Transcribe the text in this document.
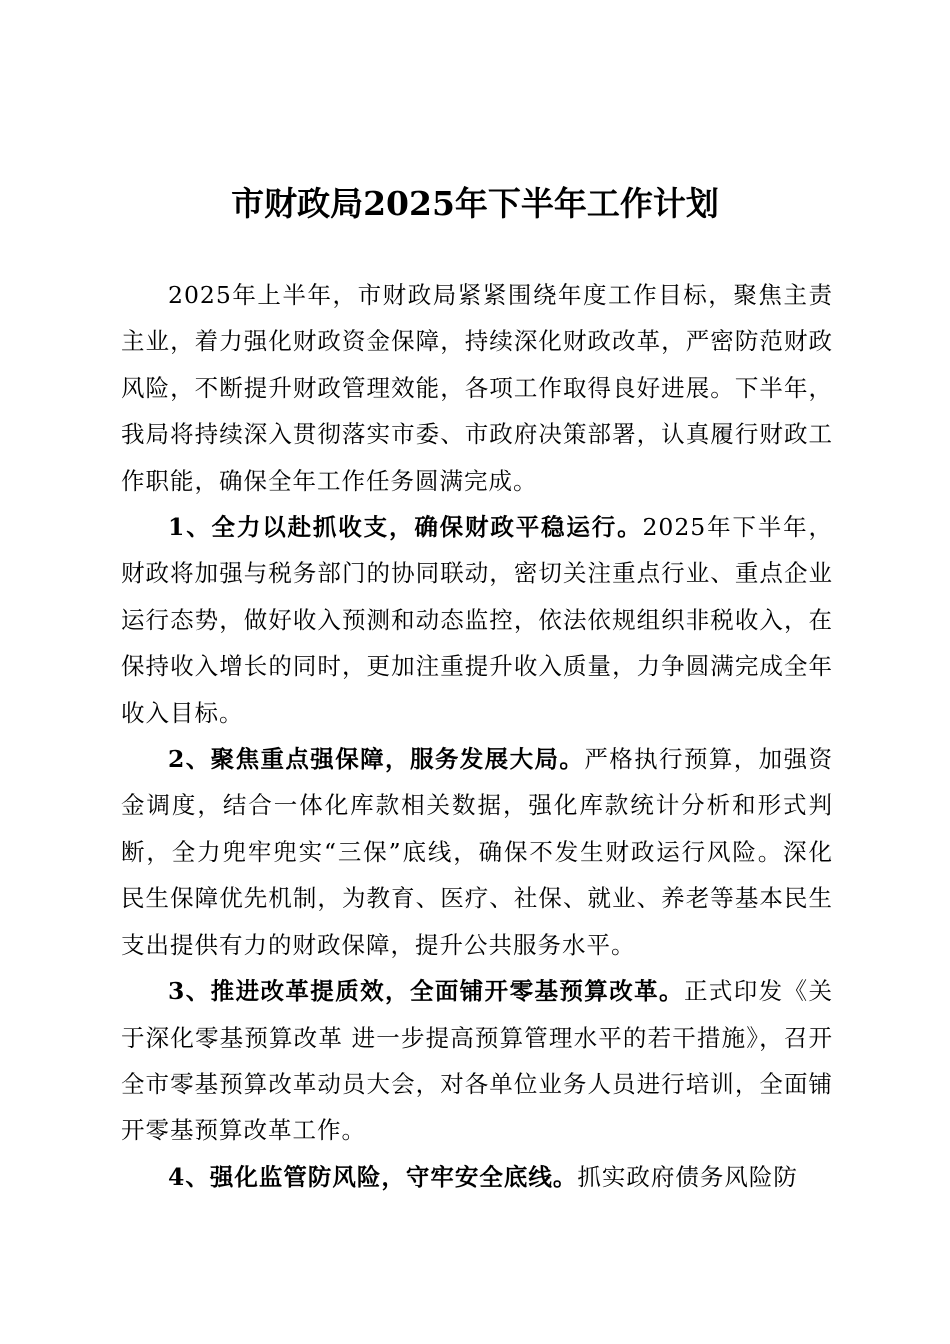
市财政局2025年下半年工作计划

2025年上半年，市财政局紧紧围绕年度工作目标，聚焦主责主业，着力强化财政资金保障，持续深化财政改革，严密防范财政风险，不断提升财政管理效能，各项工作取得良好进展。下半年，我局将持续深入贯彻落实市委、市政府决策部署，认真履行财政工作职能，确保全年工作任务圆满完成。

1、全力以赴抓收支，确保财政平稳运行。2025年下半年，财政将加强与税务部门的协同联动，密切关注重点行业、重点企业运行态势，做好收入预测和动态监控，依法依规组织非税收入，在保持收入增长的同时，更加注重提升收入质量，力争圆满完成全年收入目标。

2、聚焦重点强保障，服务发展大局。严格执行预算，加强资金调度，结合一体化库款相关数据，强化库款统计分析和形式判断，全力兜牢兜实“三保”底线，确保不发生财政运行风险。深化民生保障优先机制，为教育、医疗、社保、就业、养老等基本民生支出提供有力的财政保障，提升公共服务水平。

3、推进改革提质效，全面铺开零基预算改革。正式印发《关于深化零基预算改革 进一步提高预算管理水平的若干措施》，召开全市零基预算改革动员大会，对各单位业务人员进行培训，全面铺开零基预算改革工作。

4、强化监管防风险，守牢安全底线。抓实政府债务风险防
